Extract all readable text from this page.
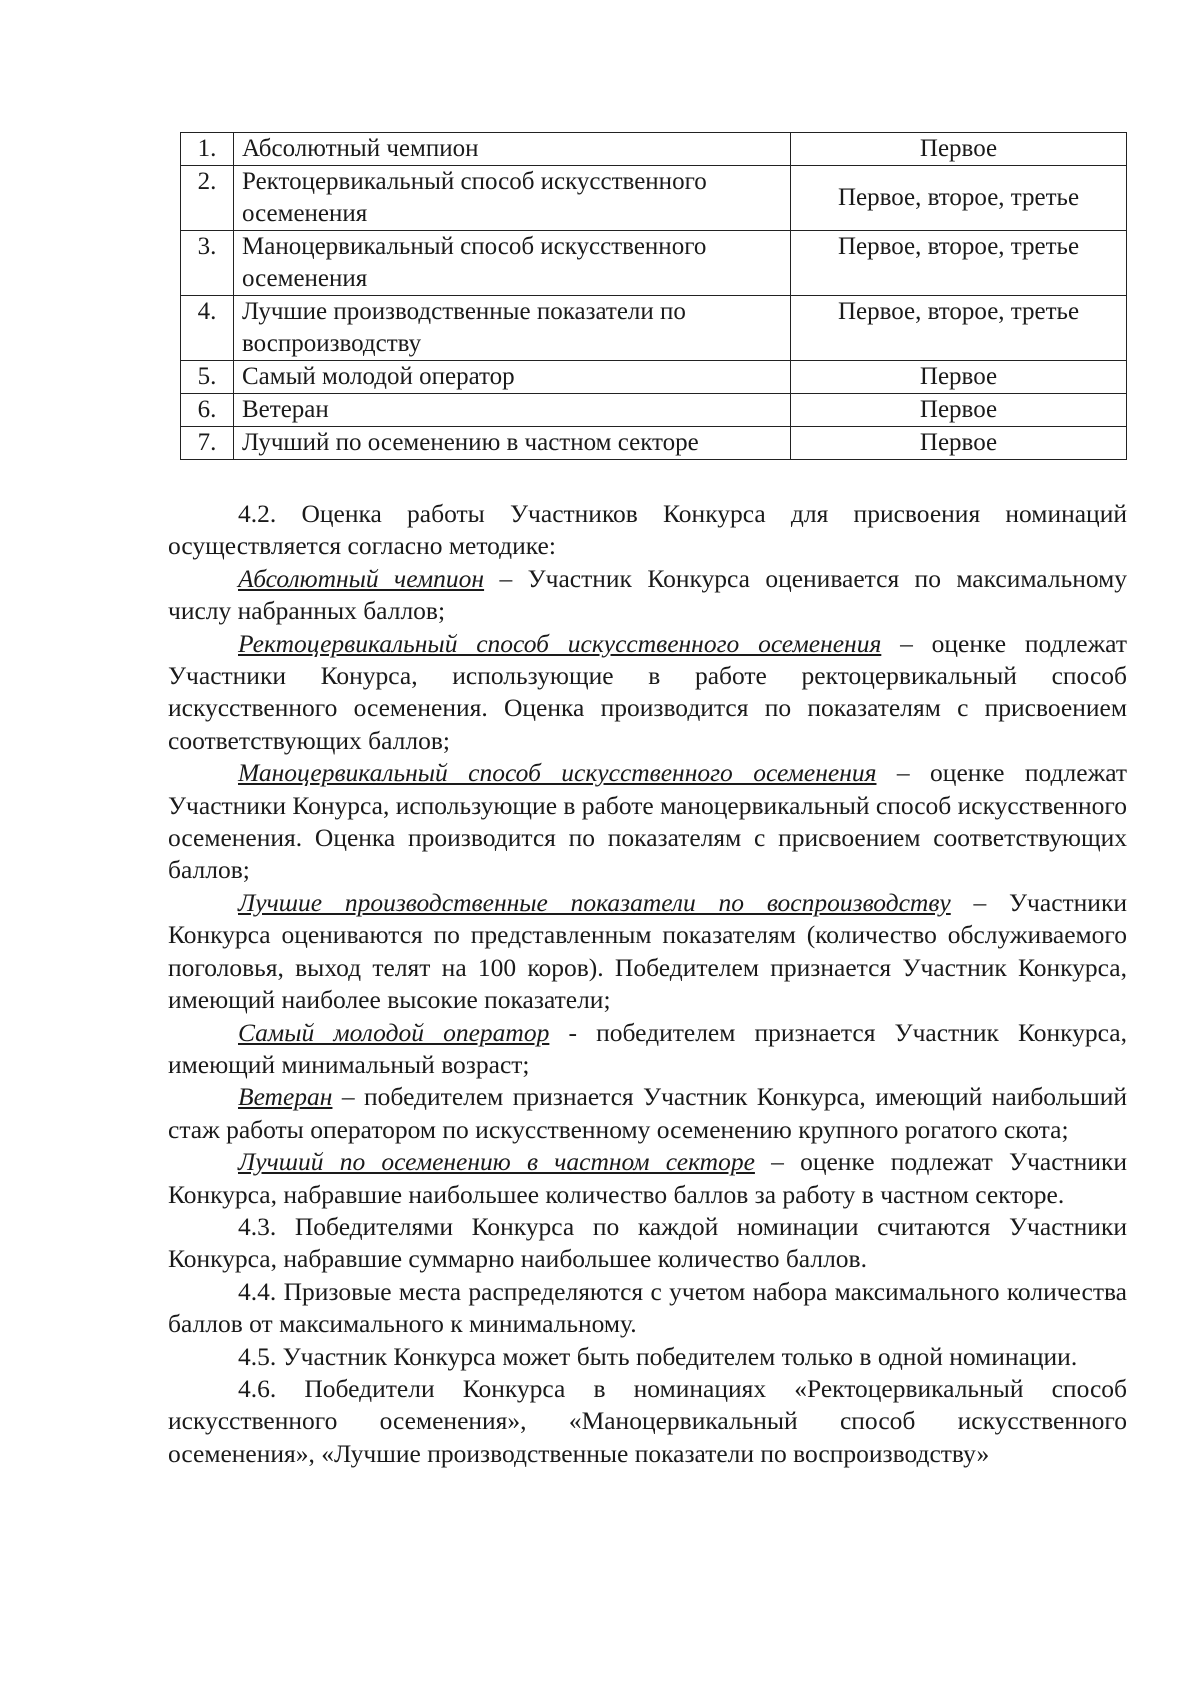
1.	Абсолютный чемпион	Первое
2.	Ректоцервикальный способ искусственного осеменения	Первое, второе, третье
3.	Маноцервикальный способ искусственного осеменения	Первое, второе, третье
4.	Лучшие производственные показатели по воспроизводству	Первое, второе, третье
5.	Самый молодой оператор	Первое
6.	Ветеран	Первое
7.	Лучший по осеменению в частном секторе	Первое

4.2. Оценка работы Участников Конкурса для присвоения номинаций осуществляется согласно методике:

Абсолютный чемпион – Участник Конкурса оценивается по максимальному числу набранных баллов;

Ректоцервикальный способ искусственного осеменения – оценке подлежат Участники Конурса, использующие в работе ректоцервикальный способ искусственного осеменения. Оценка производится по показателям с присвоением соответствующих баллов;

Маноцервикальный способ искусственного осеменения – оценке подлежат Участники Конурса, использующие в работе маноцервикальный способ искусственного осеменения. Оценка производится по показателям с присвоением соответствующих баллов;

Лучшие производственные показатели по воспроизводству – Участники Конкурса оцениваются по представленным показателям (количество обслуживаемого поголовья, выход телят на 100 коров). Победителем признается Участник Конкурса, имеющий наиболее высокие показатели;

Самый молодой оператор - победителем признается Участник Конкурса, имеющий минимальный возраст;

Ветеран – победителем признается Участник Конкурса, имеющий наибольший стаж работы оператором по искусственному осеменению крупного рогатого скота;

Лучший по осеменению в частном секторе – оценке подлежат Участники Конкурса, набравшие наибольшее количество баллов за работу в частном секторе.

4.3. Победителями Конкурса по каждой номинации считаются Участники Конкурса, набравшие суммарно наибольшее количество баллов.

4.4. Призовые места распределяются с учетом набора максимального количества баллов от максимального к минимальному.

4.5. Участник Конкурса может быть победителем только в одной номинации.

4.6. Победители Конкурса в номинациях «Ректоцервикальный способ искусственного осеменения», «Маноцервикальный способ искусственного осеменения», «Лучшие производственные показатели по воспроизводству»
